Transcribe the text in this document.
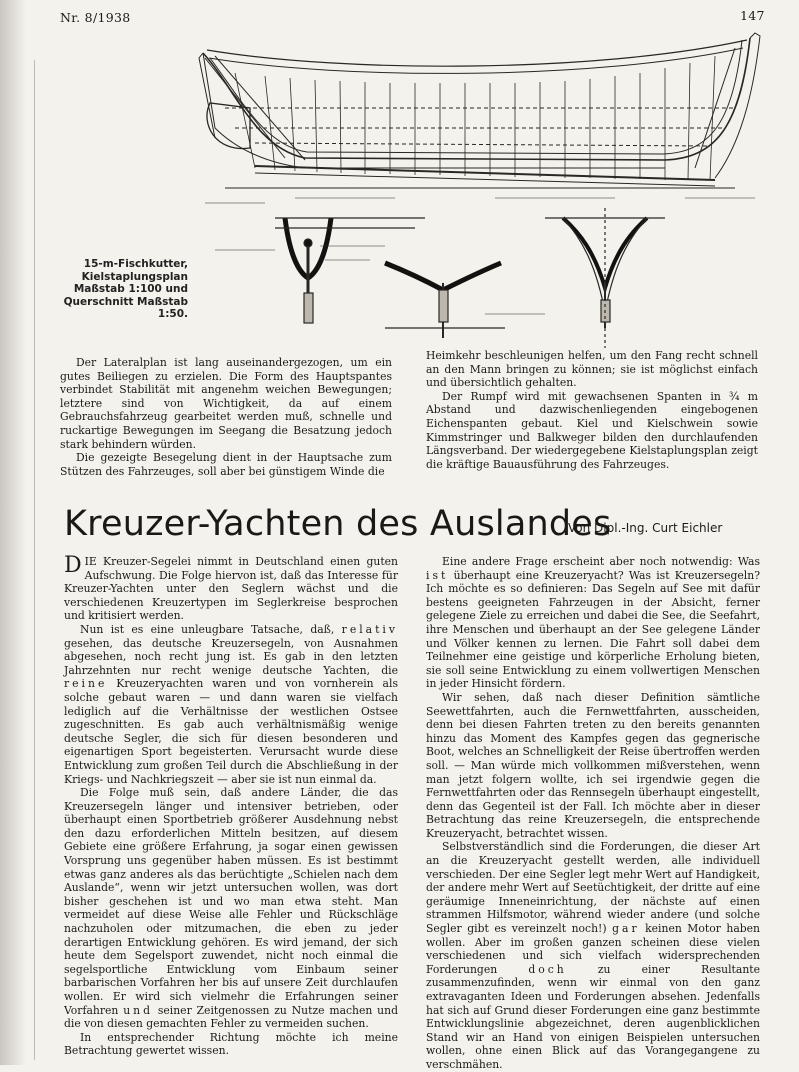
Nr. 8/1938	147
15-m-Fischkutter, Kielstaplungsplan Maßstab 1:100 und Querschnitt Maßstab 1:50.

Der Lateralplan ist lang auseinandergezogen, um ein gutes Beiliegen zu erzielen. Die Form des Hauptspantes verbindet Stabilität mit angenehm weichen Bewegungen; letztere sind von Wichtigkeit, da auf einem Gebrauchsfahrzeug gearbeitet werden muß, schnelle und ruckartige Bewegungen im Seegang die Besatzung jedoch stark behindern würden.

Die gezeigte Besegelung dient in der Hauptsache zum Stützen des Fahrzeuges, soll aber bei günstigem Winde die

Heimkehr beschleunigen helfen, um den Fang recht schnell an den Mann bringen zu können; sie ist möglichst einfach und übersichtlich gehalten.

Der Rumpf wird mit gewachsenen Spanten in ¾ m Abstand und dazwischenliegenden eingebogenen Eichenspanten gebaut. Kiel und Kielschwein sowie Kimmstringer und Balkweger bilden den durchlaufenden Längsverband. Der wiedergegebene Kielstaplungsplan zeigt die kräftige Bauausführung des Fahrzeuges.

Kreuzer-Yachten des Auslandes
Von Dipl.-Ing. Curt Eichler

DIE Kreuzer-Segelei nimmt in Deutschland einen guten Aufschwung. Die Folge hiervon ist, daß das Interesse für Kreuzer-Yachten unter den Seglern wächst und die verschiedenen Kreuzertypen im Seglerkreise besprochen und kritisiert werden.

Nun ist es eine unleugbare Tatsache, daß, relativ gesehen, das deutsche Kreuzersegeln, von Ausnahmen abgesehen, noch recht jung ist. Es gab in den letzten Jahrzehnten nur recht wenige deutsche Yachten, die reine Kreuzeryachten waren und von vornherein als solche gebaut waren — und dann waren sie vielfach lediglich auf die Verhältnisse der westlichen Ostsee zugeschnitten. Es gab auch verhältnismäßig wenige deutsche Segler, die sich für diesen besonderen und eigenartigen Sport begeisterten. Verursacht wurde diese Entwicklung zum großen Teil durch die Abschließung in der Kriegs- und Nachkriegszeit — aber sie ist nun einmal da.

Die Folge muß sein, daß andere Länder, die das Kreuzersegeln länger und intensiver betrieben, oder überhaupt einen Sportbetrieb größerer Ausdehnung nebst den dazu erforderlichen Mitteln besitzen, auf diesem Gebiete eine größere Erfahrung, ja sogar einen gewissen Vorsprung uns gegenüber haben müssen. Es ist bestimmt etwas ganz anderes als das berüchtigte „Schielen nach dem Auslande“, wenn wir jetzt untersuchen wollen, was dort bisher geschehen ist und wo man etwa steht. Man vermeidet auf diese Weise alle Fehler und Rückschläge nachzuholen oder mitzumachen, die eben zu jeder derartigen Entwicklung gehören. Es wird jemand, der sich heute dem Segelsport zuwendet, nicht noch einmal die segelsportliche Entwicklung vom Einbaum seiner barbarischen Vorfahren her bis auf unsere Zeit durchlaufen wollen. Er wird sich vielmehr die Erfahrungen seiner Vorfahren und seiner Zeitgenossen zu Nutze machen und die von diesen gemachten Fehler zu vermeiden suchen.

In entsprechender Richtung möchte ich meine Betrachtung gewertet wissen.

Eine andere Frage erscheint aber noch notwendig: Was ist überhaupt eine Kreuzeryacht? Was ist Kreuzersegeln? Ich möchte es so definieren: Das Segeln auf See mit dafür bestens geeigneten Fahrzeugen in der Absicht, ferner gelegene Ziele zu erreichen und dabei die See, die Seefahrt, ihre Menschen und überhaupt an der See gelegene Länder und Völker kennen zu lernen. Die Fahrt soll dabei dem Teilnehmer eine geistige und körperliche Erholung bieten, sie soll seine Entwicklung zu einem vollwertigen Menschen in jeder Hinsicht fördern.

Wir sehen, daß nach dieser Definition sämtliche Seewettfahrten, auch die Fernwettfahrten, ausscheiden, denn bei diesen Fahrten treten zu den bereits genannten hinzu das Moment des Kampfes gegen das gegnerische Boot, welches an Schnelligkeit der Reise übertroffen werden soll. — Man würde mich vollkommen mißverstehen, wenn man jetzt folgern wollte, ich sei irgendwie gegen die Fernwettfahrten oder das Rennsegeln überhaupt eingestellt, denn das Gegenteil ist der Fall. Ich möchte aber in dieser Betrachtung das reine Kreuzersegeln, die entsprechende Kreuzeryacht, betrachtet wissen.

Selbstverständlich sind die Forderungen, die dieser Art an die Kreuzeryacht gestellt werden, alle individuell verschieden. Der eine Segler legt mehr Wert auf Handigkeit, der andere mehr Wert auf Seetüchtigkeit, der dritte auf eine geräumige Inneneinrichtung, der nächste auf einen strammen Hilfsmotor, während wieder andere (und solche Segler gibt es vereinzelt noch!) gar keinen Motor haben wollen. Aber im großen ganzen scheinen diese vielen verschiedenen und sich vielfach widersprechenden Forderungen	doch	zu einer Resultante zusammenzufinden, wenn wir einmal von den ganz extravaganten Ideen und Forderungen absehen. Jedenfalls hat sich auf Grund dieser Forderungen eine ganz bestimmte Entwicklungslinie abgezeichnet, deren augenblicklichen Stand wir an Hand von einigen Beispielen untersuchen wollen, ohne einen Blick auf das Vorangegangene zu verschmähen.
